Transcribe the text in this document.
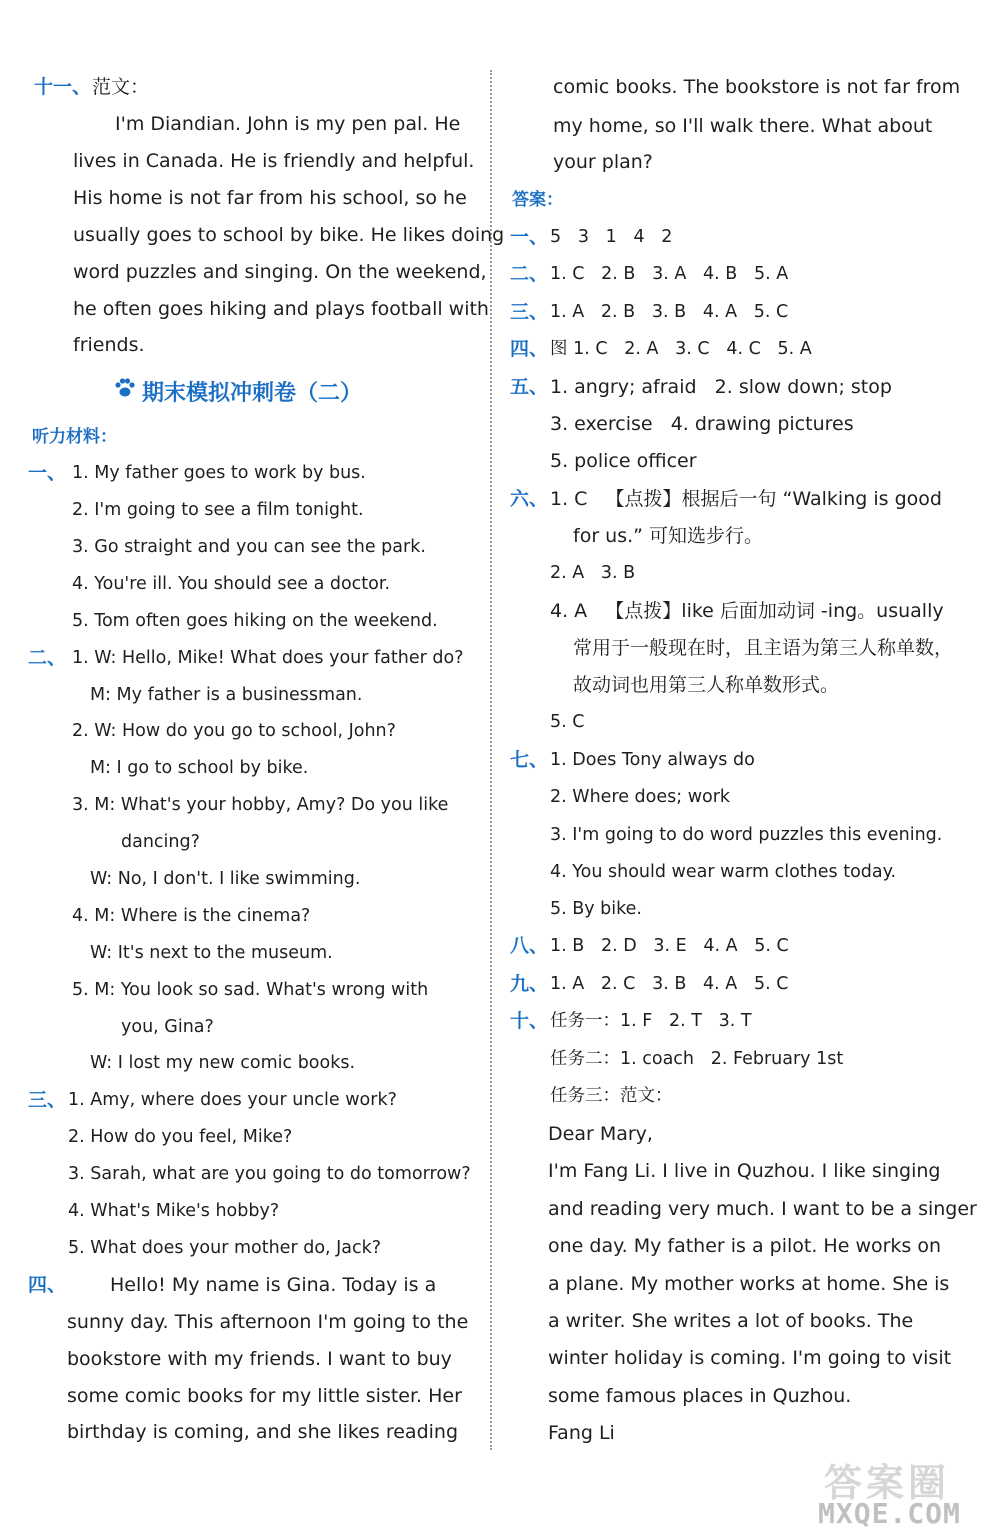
十一、 范文：
I'm Diandian. John is my pen pal. He
lives in Canada. He is friendly and helpful.
His home is not far from his school, so he
usually goes to school by bike. He likes doing
word puzzles and singing. On the weekend,
he often goes hiking and plays football with
friends.
期末模拟冲刺卷（二）
听力材料：
一、 1. My father goes to work by bus.
2. I'm going to see a film tonight.
3. Go straight and you can see the park.
4. You're ill. You should see a doctor.
5. Tom often goes hiking on the weekend.
二、 1. W: Hello, Mike! What does your father do?
M: My father is a businessman.
2. W: How do you go to school, John?
M: I go to school by bike.
3. M: What's your hobby, Amy? Do you like
dancing?
W: No, I don't. I like swimming.
4. M: Where is the cinema?
W: It's next to the museum.
5. M: You look so sad. What's wrong with
you, Gina?
W: I lost my new comic books.
三、 1. Amy, where does your uncle work?
2. How do you feel, Mike?
3. Sarah, what are you going to do tomorrow?
4. What's Mike's hobby?
5. What does your mother do, Jack?
四、 Hello! My name is Gina. Today is a
sunny day. This afternoon I'm going to the
bookstore with my friends. I want to buy
some comic books for my little sister. Her
birthday is coming, and she likes reading
comic books. The bookstore is not far from
my home, so I'll walk there. What about
your plan?
答案：
一、 5   3   1   4   2
二、 1. C   2. B   3. A   4. B   5. A
三、 1. A   2. B   3. B   4. A   5. C
四、 图 1. C   2. A   3. C   4. C   5. A
五、 1. angry; afraid   2. slow down; stop
3. exercise   4. drawing pictures
5. police officer
六、 1. C   【点拨】根据后一句 “Walking is good
for us.” 可知选步行。
2. A   3. B
4. A   【点拨】like 后面加动词 -ing。usually
常用于一般现在时，且主语为第三人称单数，
故动词也用第三人称单数形式。
5. C
七、 1. Does Tony always do
2. Where does; work
3. I'm going to do word puzzles this evening.
4. You should wear warm clothes today.
5. By bike.
八、 1. B   2. D   3. E   4. A   5. C
九、 1. A   2. C   3. B   4. A   5. C
十、 任务一：1. F   2. T   3. T
任务二：1. coach   2. February 1st
任务三：范文：
Dear Mary,
I'm Fang Li. I live in Quzhou. I like singing
and reading very much. I want to be a singer
one day. My father is a pilot. He works on
a plane. My mother works at home. She is
a writer. She writes a lot of books. The
winter holiday is coming. I'm going to visit
some famous places in Quzhou.
Fang Li
答案圈
MXQE.COM
